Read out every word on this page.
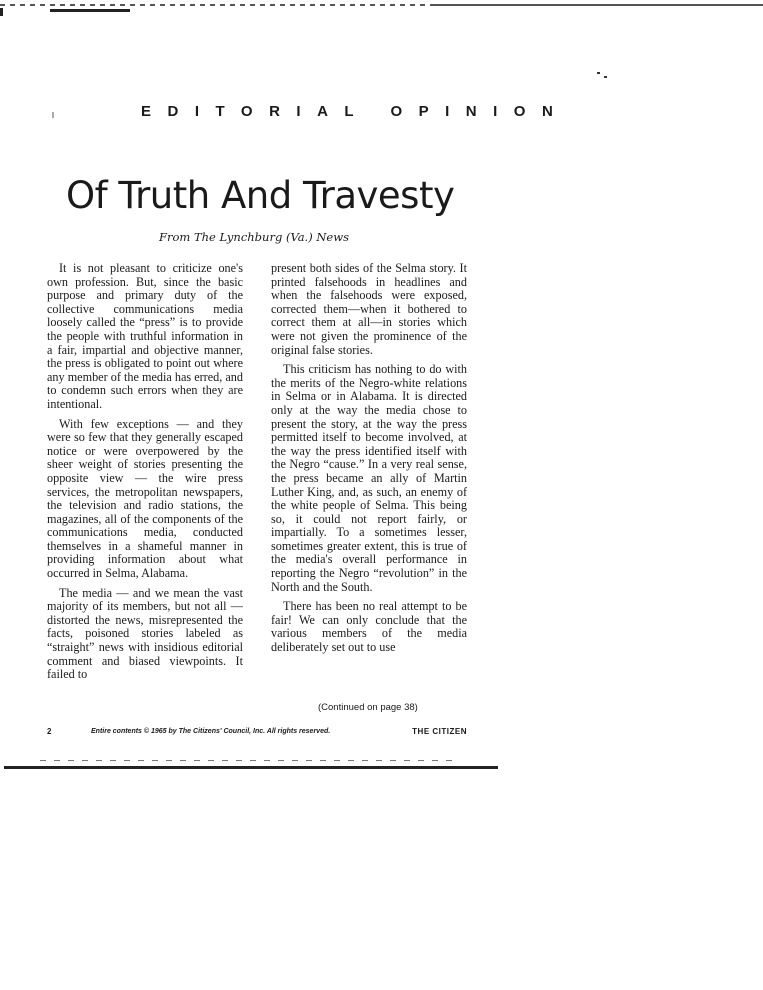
EDITORIAL OPINION
Of Truth And Travesty
From The Lynchburg (Va.) News

It is not pleasant to criticize one's own profession. But, since the basic purpose and primary duty of the collective communications media loosely called the “press” is to provide the people with truthful information in a fair, impartial and objective manner, the press is obligated to point out where any member of the media has erred, and to condemn such errors when they are intentional.

With few exceptions — and they were so few that they generally escaped notice or were overpowered by the sheer weight of stories presenting the opposite view — the wire press services, the metropolitan newspapers, the television and radio stations, the magazines, all of the components of the communications media, conducted themselves in a shameful manner in providing information about what occurred in Selma, Alabama.

The media — and we mean the vast majority of its members, but not all — distorted the news, misrepresented the facts, poisoned stories labeled as “straight” news with insidious editorial comment and biased viewpoints. It failed to

present both sides of the Selma story. It printed falsehoods in headlines and when the falsehoods were exposed, corrected them—when it bothered to correct them at all—in stories which were not given the prominence of the original false stories.

This criticism has nothing to do with the merits of the Negro-white relations in Selma or in Alabama. It is directed only at the way the media chose to present the story, at the way the press permitted itself to become involved, at the way the press identified itself with the Negro “cause.” In a very real sense, the press became an ally of Martin Luther King, and, as such, an enemy of the white people of Selma. This being so, it could not report fairly, or impartially. To a sometimes lesser, sometimes greater extent, this is true of the media's overall performance in reporting the Negro “revolution” in the North and the South.

There has been no real attempt to be fair! We can only conclude that the various members of the media deliberately set out to use

(Continued on page 38)
2	Entire contents © 1965 by The Citizens' Council, Inc. All rights reserved.	THE CITIZEN
